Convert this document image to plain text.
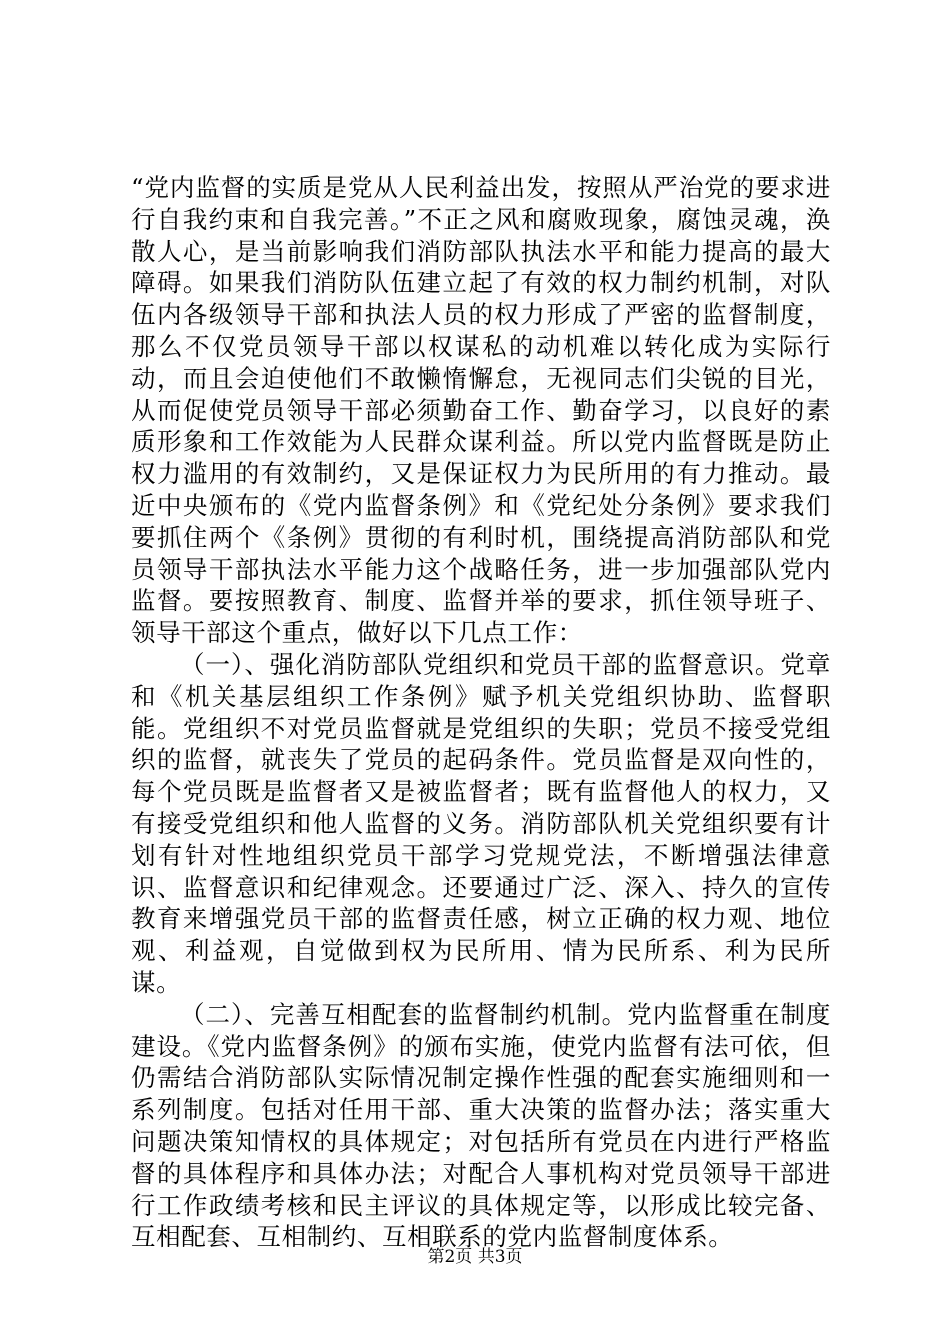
“党内监督的实质是党从人民利益出发，按照从严治党的要求进行自我约束和自我完善。”不正之风和腐败现象，腐蚀灵魂，涣散人心，是当前影响我们消防部队执法水平和能力提高的最大障碍。如果我们消防队伍建立起了有效的权力制约机制，对队伍内各级领导干部和执法人员的权力形成了严密的监督制度，那么不仅党员领导干部以权谋私的动机难以转化成为实际行动，而且会迫使他们不敢懒惰懈怠，无视同志们尖锐的目光，从而促使党员领导干部必须勤奋工作、勤奋学习，以良好的素质形象和工作效能为人民群众谋利益。所以党内监督既是防止权力滥用的有效制约，又是保证权力为民所用的有力推动。最近中央颁布的《党内监督条例》和《党纪处分条例》要求我们要抓住两个《条例》贯彻的有利时机，围绕提高消防部队和党员领导干部执法水平能力这个战略任务，进一步加强部队党内监督。要按照教育、制度、监督并举的要求，抓住领导班子、领导干部这个重点，做好以下几点工作：

（一）、强化消防部队党组织和党员干部的监督意识。党章和《机关基层组织工作条例》赋予机关党组织协助、监督职能。党组织不对党员监督就是党组织的失职；党员不接受党组织的监督，就丧失了党员的起码条件。党员监督是双向性的，每个党员既是监督者又是被监督者；既有监督他人的权力，又有接受党组织和他人监督的义务。消防部队机关党组织要有计划有针对性地组织党员干部学习党规党法，不断增强法律意识、监督意识和纪律观念。还要通过广泛、深入、持久的宣传教育来增强党员干部的监督责任感，树立正确的权力观、地位观、利益观，自觉做到权为民所用、情为民所系、利为民所谋。

（二）、完善互相配套的监督制约机制。党内监督重在制度建设。《党内监督条例》的颁布实施，使党内监督有法可依，但仍需结合消防部队实际情况制定操作性强的配套实施细则和一系列制度。包括对任用干部、重大决策的监督办法；落实重大问题决策知情权的具体规定；对包括所有党员在内进行严格监督的具体程序和具体办法；对配合人事机构对党员领导干部进行工作政绩考核和民主评议的具体规定等，以形成比较完备、互相配套、互相制约、互相联系的党内监督制度体系。

第2页 共3页
